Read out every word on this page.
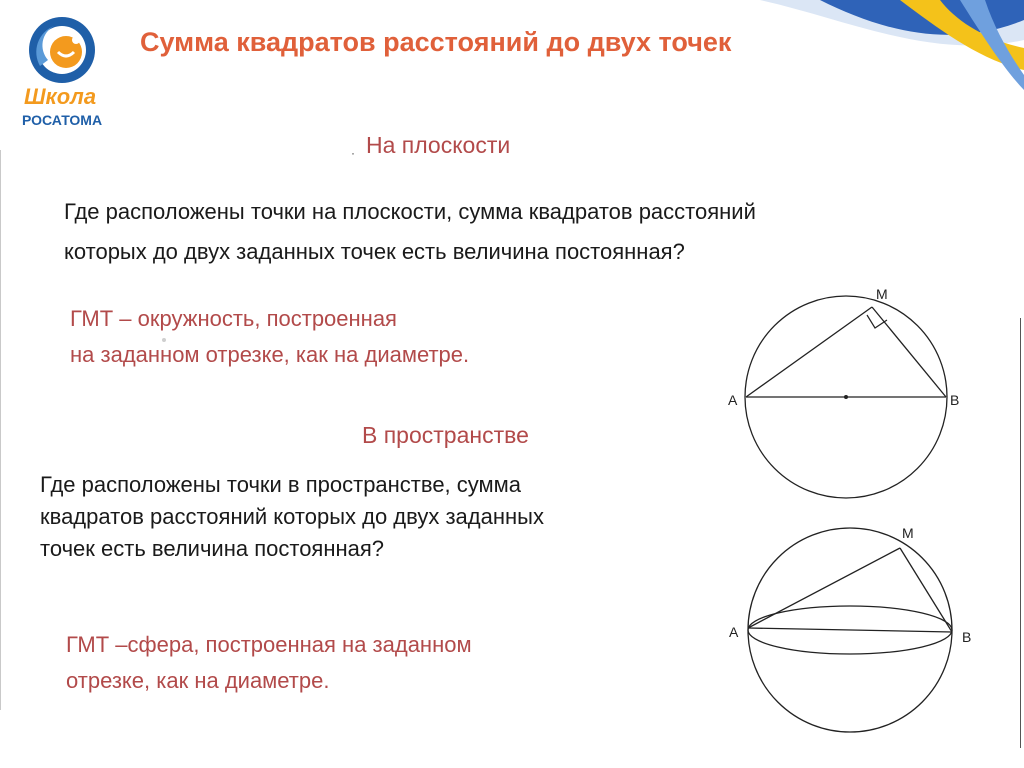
Школа
РОСАТОМА
Сумма квадратов расстояний до двух точек
· На плоскости
Где расположены точки на плоскости, сумма квадратов расстояний
которых до двух заданных точек есть величина постоянная?
ГМТ – окружность, построенная
на заданном отрезке, как на диаметре.
В пространстве
Где расположены точки в пространстве, сумма
квадратов расстояний которых до двух заданных
точек есть величина постоянная?
ГМТ –сфера, построенная на заданном
отрезке, как на диаметре.
A	B
M
A	B
M
